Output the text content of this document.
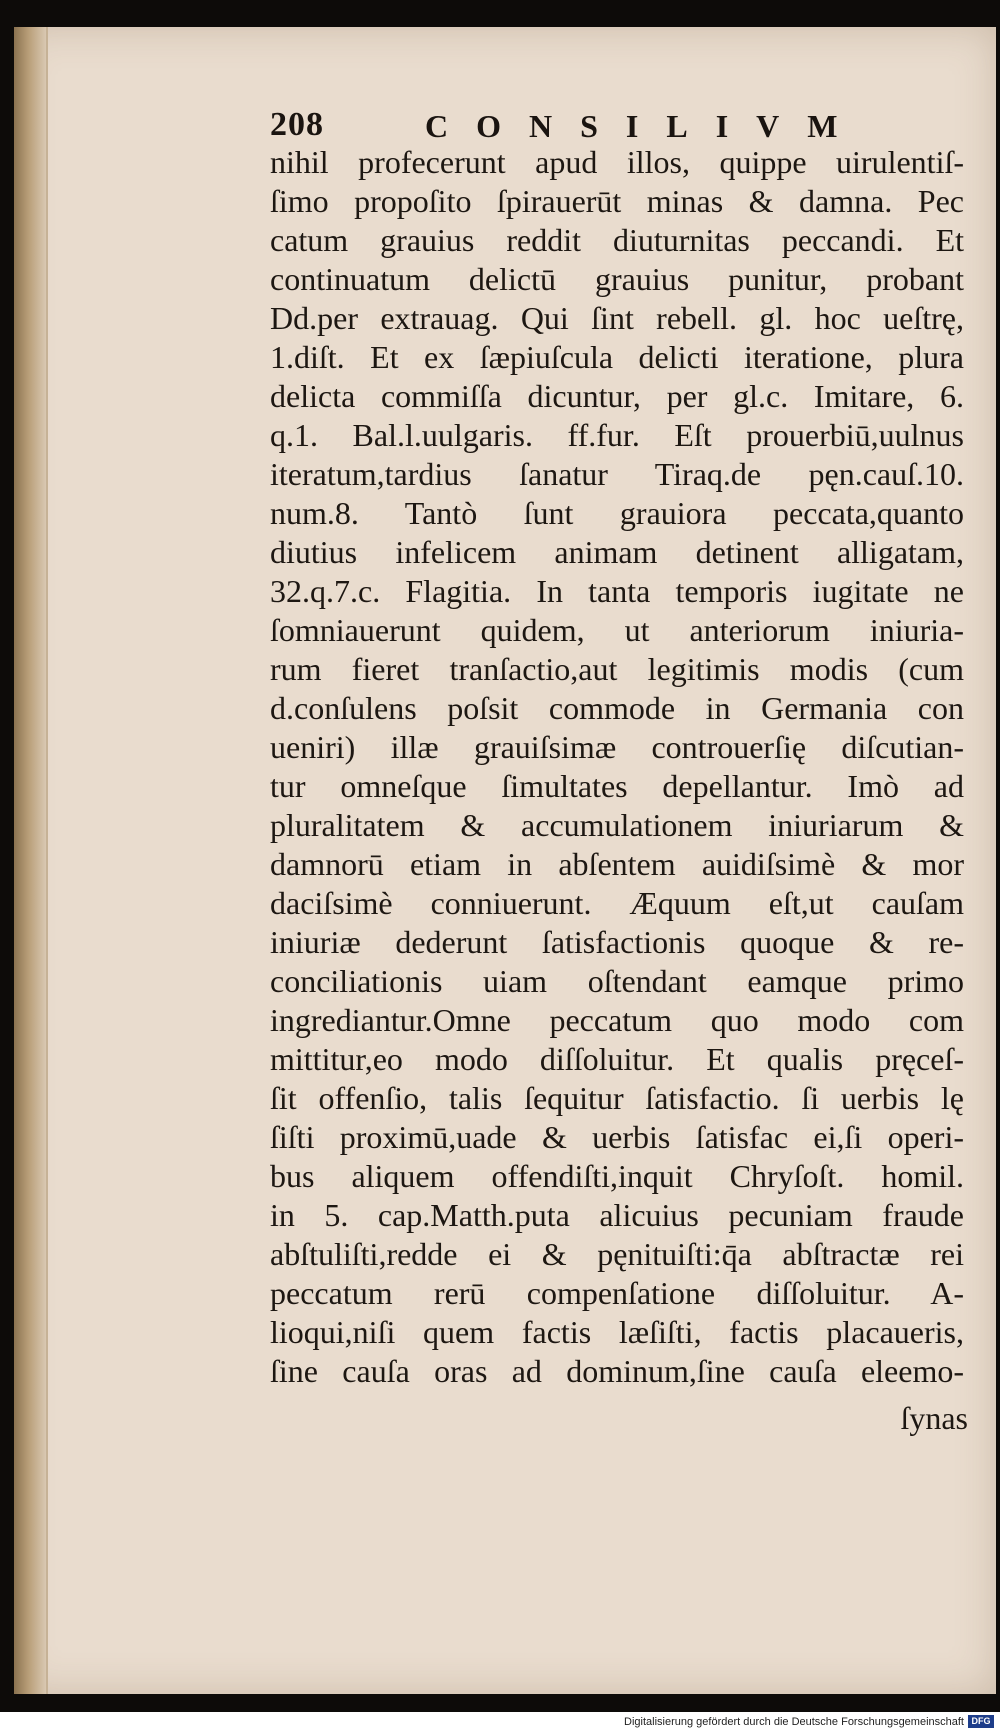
208	CONSILIVM
nihil profecerunt apud illos, quippe uirulentiſ-
ſimo propoſito ſpirauerūt minas & damna. Pec
catum grauius reddit diuturnitas peccandi. Et
continuatum delictū grauius punitur, probant
Dd.per extrauag. Qui ſint rebell. gl. hoc ueſtrę,
1.diſt. Et ex ſæpiuſcula delicti iteratione, plura
delicta commiſſa dicuntur, per gl.c. Imitare, 6.
q.1. Bal.l.uulgaris. ff.fur. Eſt prouerbiū,uulnus
iteratum,tardius ſanatur Tiraq.de pęn.cauſ.10.
num.8. Tantò ſunt grauiora peccata,quanto
diutius infelicem animam detinent alligatam,
32.q.7.c. Flagitia. In tanta temporis iugitate ne
ſomniauerunt quidem, ut anteriorum iniuria-
rum fieret tranſactio,aut legitimis modis (cum
d.conſulens poſsit commode in Germania con
ueniri) illæ grauiſsimæ controuerſię diſcutian-
tur omneſque ſimultates depellantur. Imò ad
pluralitatem & accumulationem iniuriarum &
damnorū etiam in abſentem auidiſsimè & mor
daciſsimè conniuerunt. Æquum eſt,ut cauſam
iniuriæ dederunt ſatisfactionis quoque & re-
conciliationis uiam oſtendant eamque primo
ingrediantur.Omne peccatum quo modo com
mittitur,eo modo diſſoluitur. Et qualis pręceſ-
ſit offenſio, talis ſequitur ſatisfactio. ſi uerbis lę
ſiſti proximū,uade & uerbis ſatisfac ei,ſi operi-
bus aliquem offendiſti,inquit Chryſoſt. homil.
in 5. cap.Matth.puta alicuius pecuniam fraude
abſtuliſti,redde ei & pęnituiſti:q̄a abſtractæ rei
peccatum rerū compenſatione diſſoluitur. A-
lioqui,niſi quem factis læſiſti, factis placaueris,
ſine cauſa oras ad dominum,ſine cauſa eleemo-
ſynas
Digitalisierung gefördert durch die Deutsche Forschungsgemeinschaft DFG
